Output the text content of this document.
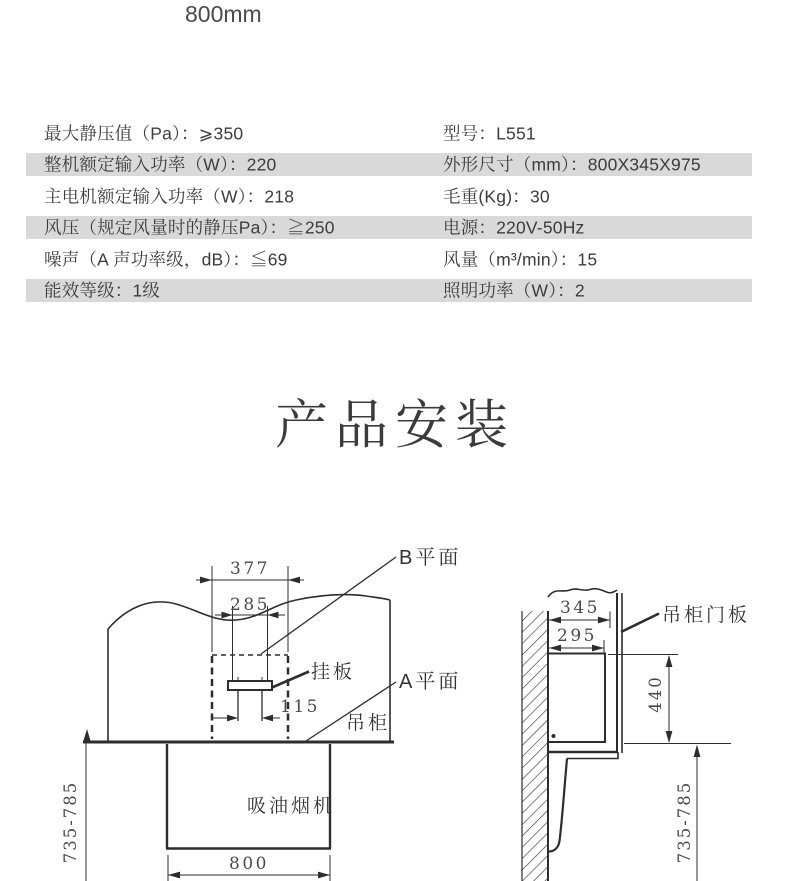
800mm
最大静压值（Pa）：⩾350	型号：L551
整机额定输入功率（W）：220	外形尺寸（mm）：800X345X975
主电机额定输入功率（W）：218	毛重(Kg)：30
风压（规定风量时的静压Pa）：≧250	电源：220V-50Hz
噪声（A 声功率级，dB）：≦69	风量（m³/min）：15
能效等级：1级	照明功率（W）：2
产品安装
377
285
115
B平面
A平面
挂板
吊柜
吸油烟机
800
735-785
吊柜门板
345
295
440
735-785
